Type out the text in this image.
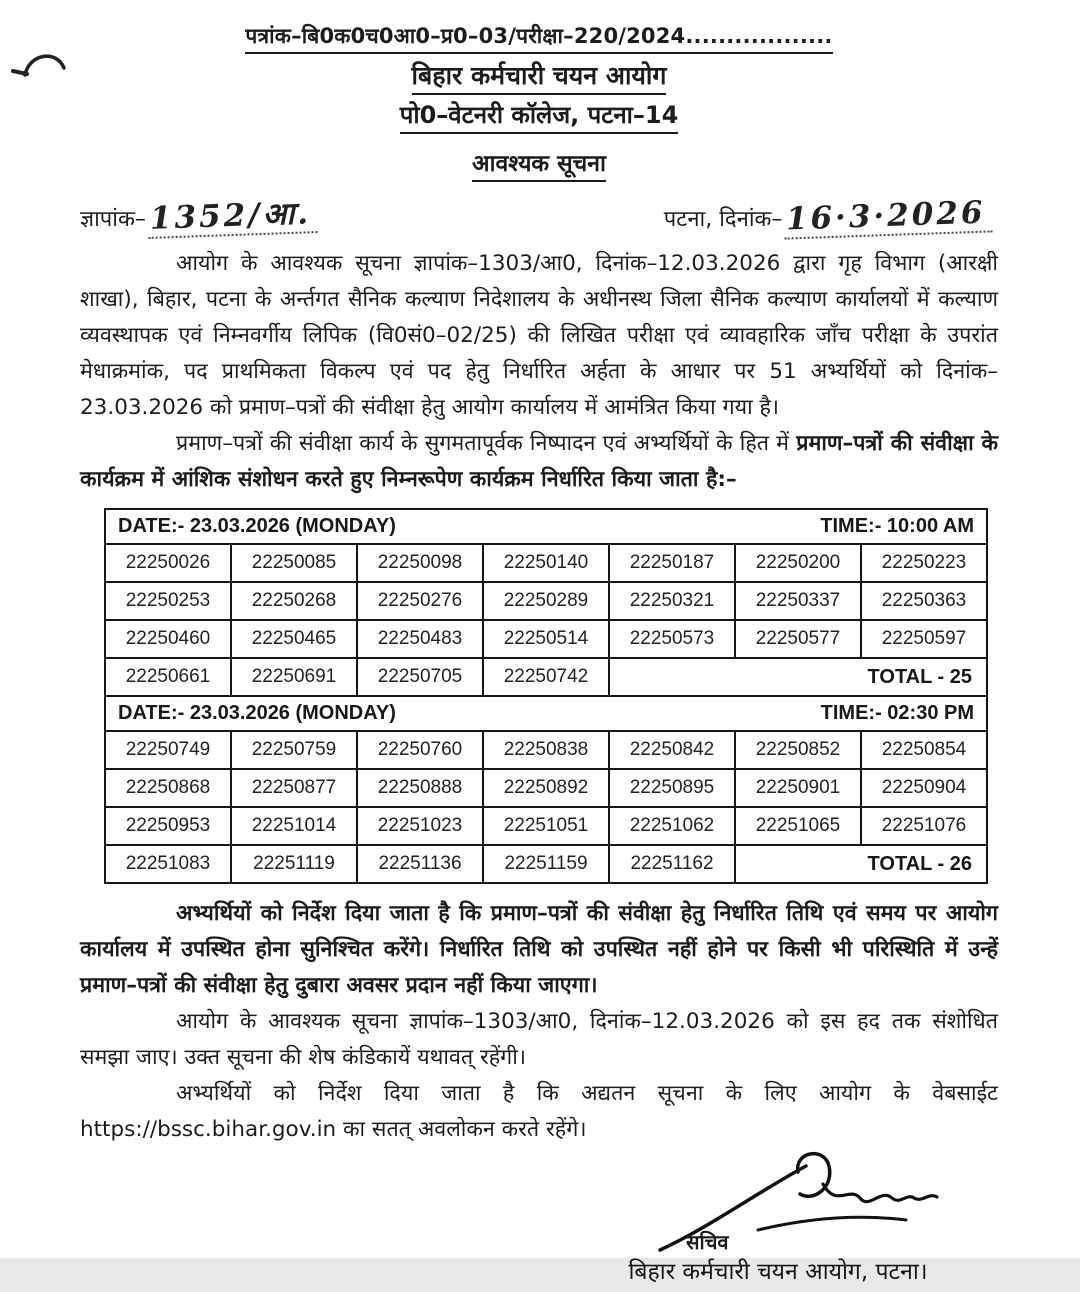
पत्रांक–बि0क0च0आ0–प्र0–03/परीक्षा–220/2024..................
बिहार कर्मचारी चयन आयोग
पो0–वेटनरी कॉलेज, पटना–14
आवश्यक सूचना
ज्ञापांक– 1352/आ.	पटना, दिनांक– 16·3·2026

आयोग के आवश्यक सूचना ज्ञापांक–1303/आ0, दिनांक–12.03.2026 द्वारा गृह विभाग (आरक्षी शाखा), बिहार, पटना के अर्न्तगत सैनिक कल्याण निदेशालय के अधीनस्थ जिला सैनिक कल्याण कार्यालयों में कल्याण व्यवस्थापक एवं निम्नवर्गीय लिपिक (वि0सं0–02/25) की लिखित परीक्षा एवं व्यावहारिक जाँच परीक्षा के उपरांत मेधाक्रमांक, पद प्राथमिकता विकल्प एवं पद हेतु निर्धारित अर्हता के आधार पर 51 अभ्यर्थियों को दिनांक–23.03.2026 को प्रमाण–पत्रों की संवीक्षा हेतु आयोग कार्यालय में आमंत्रित किया गया है।

प्रमाण–पत्रों की संवीक्षा कार्य के सुगमतापूर्वक निष्पादन एवं अभ्यर्थियों के हित में प्रमाण–पत्रों की संवीक्षा के कार्यक्रम में आंशिक संशोधन करते हुए निम्नरूपेण कार्यक्रम निर्धारित किया जाता है:–

DATE:- 23.03.2026 (MONDAY) TIME:- 10:00 AM						

22250026	22250085	22250098	22250140	22250187	22250200	22250223
22250253	22250268	22250276	22250289	22250321	22250337	22250363
22250460	22250465	22250483	22250514	22250573	22250577	22250597
22250661	22250691	22250705	22250742	TOTAL - 25		

DATE:- 23.03.2026 (MONDAY) TIME:- 02:30 PM						

22250749	22250759	22250760	22250838	22250842	22250852	22250854
22250868	22250877	22250888	22250892	22250895	22250901	22250904
22250953	22251014	22251023	22251051	22251062	22251065	22251076
22251083	22251119	22251136	22251159	22251162	TOTAL - 26	

अभ्यर्थियों को निर्देश दिया जाता है कि प्रमाण–पत्रों की संवीक्षा हेतु निर्धारित तिथि एवं समय पर आयोग कार्यालय में उपस्थित होना सुनिश्चित करेंगे। निर्धारित तिथि को उपस्थित नहीं होने पर किसी भी परिस्थिति में उन्हें प्रमाण–पत्रों की संवीक्षा हेतु दुबारा अवसर प्रदान नहीं किया जाएगा।

आयोग के आवश्यक सूचना ज्ञापांक–1303/आ0, दिनांक–12.03.2026 को इस हद तक संशोधित समझा जाए। उक्त सूचना की शेष कंडिकायें यथावत् रहेंगी।

अभ्यर्थियों को निर्देश दिया जाता है कि अद्यतन सूचना के लिए आयोग के वेबसाईट https://bssc.bihar.gov.in का सतत् अवलोकन करते रहेंगे।

सचिव
बिहार कर्मचारी चयन आयोग, पटना।
